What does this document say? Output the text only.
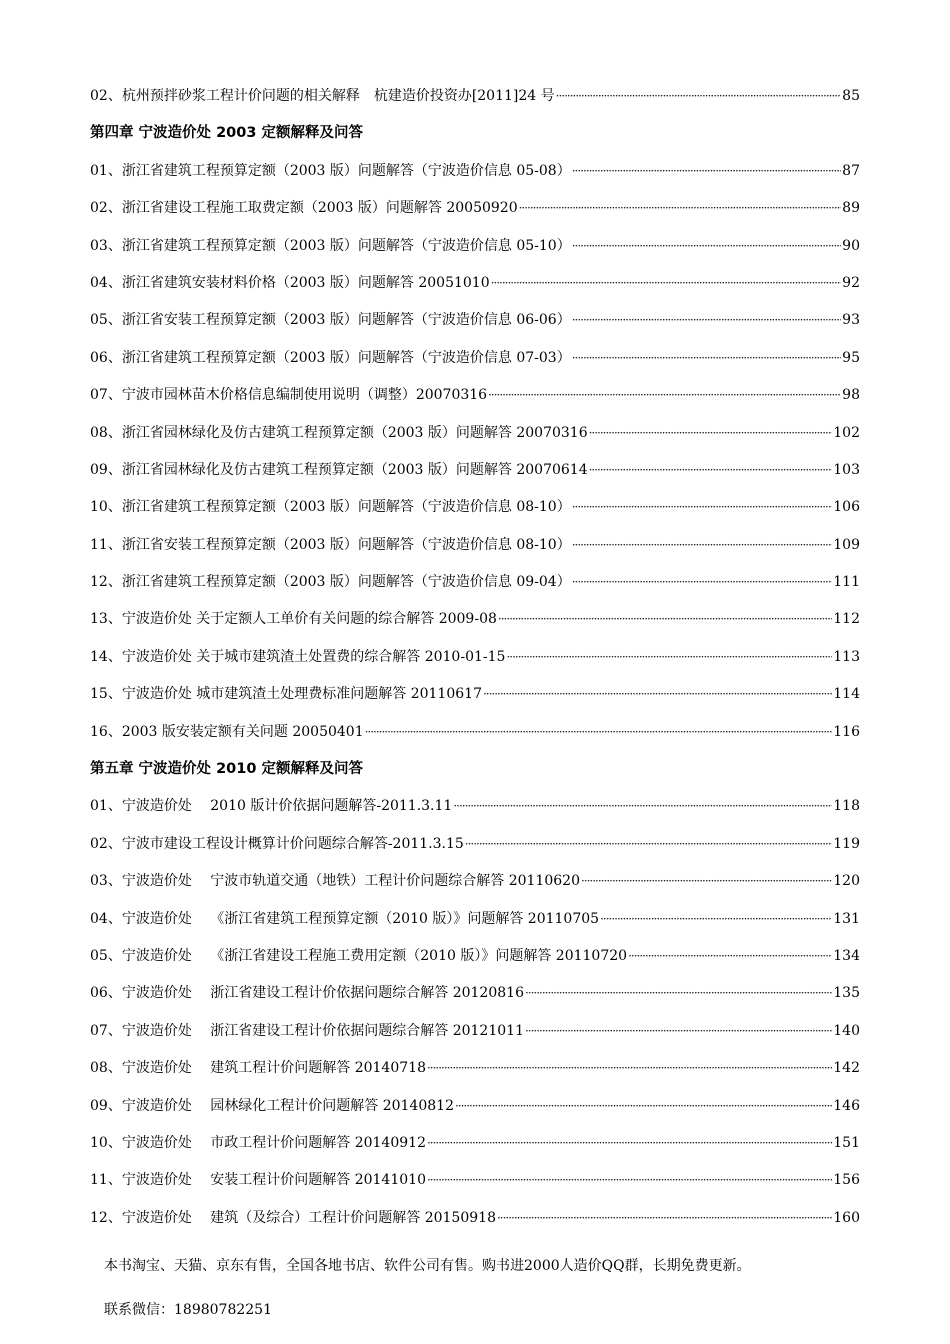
02、杭州预拌砂浆工程计价问题的相关解释　杭建造价投资办[2011]24 号 ·····	85
第四章 宁波造价处 2003 定额解释及问答
01、浙江省建筑工程预算定额（2003 版）问题解答（宁波造价信息 05-08） ·····	87
02、浙江省建设工程施工取费定额（2003 版）问题解答 20050920 ·····	89
03、浙江省建筑工程预算定额（2003 版）问题解答（宁波造价信息 05-10） ·····	90
04、浙江省建筑安装材料价格（2003 版）问题解答 20051010 ·····	92
05、浙江省安装工程预算定额（2003 版）问题解答（宁波造价信息 06-06） ·····	93
06、浙江省建筑工程预算定额（2003 版）问题解答（宁波造价信息 07-03） ·····	95
07、宁波市园林苗木价格信息编制使用说明（调整）20070316 ·····	98
08、浙江省园林绿化及仿古建筑工程预算定额（2003 版）问题解答 20070316 ·····	102
09、浙江省园林绿化及仿古建筑工程预算定额（2003 版）问题解答 20070614 ·····	103
10、浙江省建筑工程预算定额（2003 版）问题解答（宁波造价信息 08-10） ·····	106
11、浙江省安装工程预算定额（2003 版）问题解答（宁波造价信息 08-10） ·····	109
12、浙江省建筑工程预算定额（2003 版）问题解答（宁波造价信息 09-04） ·····	111
13、宁波造价处 关于定额人工单价有关问题的综合解答 2009-08 ·····	112
14、宁波造价处 关于城市建筑渣土处置费的综合解答 2010-01-15 ·····	113
15、宁波造价处 城市建筑渣土处理费标准问题解答 20110617 ·····	114
16、2003 版安装定额有关问题 20050401 ·····	116
第五章 宁波造价处 2010 定额解释及问答
01、宁波造价处　 2010 版计价依据问题解答-2011.3.11 ·····	118
02、宁波市建设工程设计概算计价问题综合解答-2011.3.15 ·····	119
03、宁波造价处　 宁波市轨道交通（地铁）工程计价问题综合解答 20110620 ·····	120
04、宁波造价处　 《浙江省建筑工程预算定额（2010 版）》问题解答 20110705 ·····	131
05、宁波造价处　 《浙江省建设工程施工费用定额（2010 版）》问题解答 20110720 ·····	134
06、宁波造价处　 浙江省建设工程计价依据问题综合解答 20120816 ·····	135
07、宁波造价处　 浙江省建设工程计价依据问题综合解答 20121011 ·····	140
08、宁波造价处　 建筑工程计价问题解答 20140718 ·····	142
09、宁波造价处　 园林绿化工程计价问题解答 20140812 ·····	146
10、宁波造价处　 市政工程计价问题解答 20140912 ·····	151
11、宁波造价处　 安装工程计价问题解答 20141010 ·····	156
12、宁波造价处　 建筑（及综合）工程计价问题解答 20150918 ·····	160
本书淘宝、天猫、京东有售，全国各地书店、软件公司有售。购书进2000人造价QQ群，长期免费更新。
联系微信：18980782251
